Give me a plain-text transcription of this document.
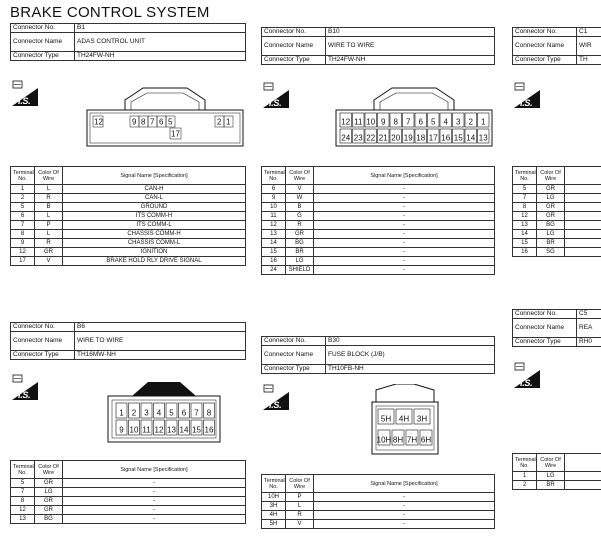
BRAKE CONTROL SYSTEM
Connector No.	B1
Connector Name	ADAS CONTROL UNIT
Connector Type	TH24FW-NH
H.S.
12	9 8 7 6 5	2 1
17
Terminal No.	Color Of Wire	Signal Name [Specification]
1	L	CAN-H
2	R	CAN-L
5	B	GROUND
6	L	ITS COMM-H
7	P	ITS COMM-L
8	L	CHASSIS COMM-H
9	R	CHASSIS COMM-L
12	GR	IGNITION
17	V	BRAKE HOLD RLY DRIVE SIGNAL
Connector No.	B6
Connector Name	WIRE TO WIRE
Connector Type	TH16MW-NH
H.S.
1 2 3 4 5 6 7 8
9 10 11 12 13 14 15 16
Terminal No.	Color Of Wire	Signal Name [Specification]
5	GR	-
7	LG	-
8	GR	-
12	GR	-
13	BG	-
Connector No.	B10
Connector Name	WIRE TO WIRE
Connector Type	TH24FW-NH
H.S.
12 11 10 9 8 7 6 5 4 3 2 1
24 23 22 21 20 19 18 17 16 15 14 13
Terminal No.	Color Of Wire	Signal Name [Specification]
6	V	-
9	W	-
10	B	-
11	G	-
12	R	-
13	GR	-
14	BG	-
15	BR	-
16	LG	-
24	SHIELD	-
Connector No.	B30
Connector Name	FUSE BLOCK (J/B)
Connector Type	TH10FB-NH
H.S.
5H 4H 3H
10H 8H 7H 6H
Terminal No.	Color Of Wire	Signal Name [Specification]
10H	P	-
3H	L	-
4H	R	-
5H	V	-
Connector No.	C1
Connector Name	WIR
Connector Type	TH
H.S.
Terminal No.	Color Of Wire	
5	GR	
7	LG	
8	GR	
12	GR	
13	BG	
14	LG	
15	BR	
16	SG	
Connector No.	C5
Connector Name	REA
Connector Type	RH0
H.S.
Terminal No.	Color Of Wire	
1	LG	
2	BR	
